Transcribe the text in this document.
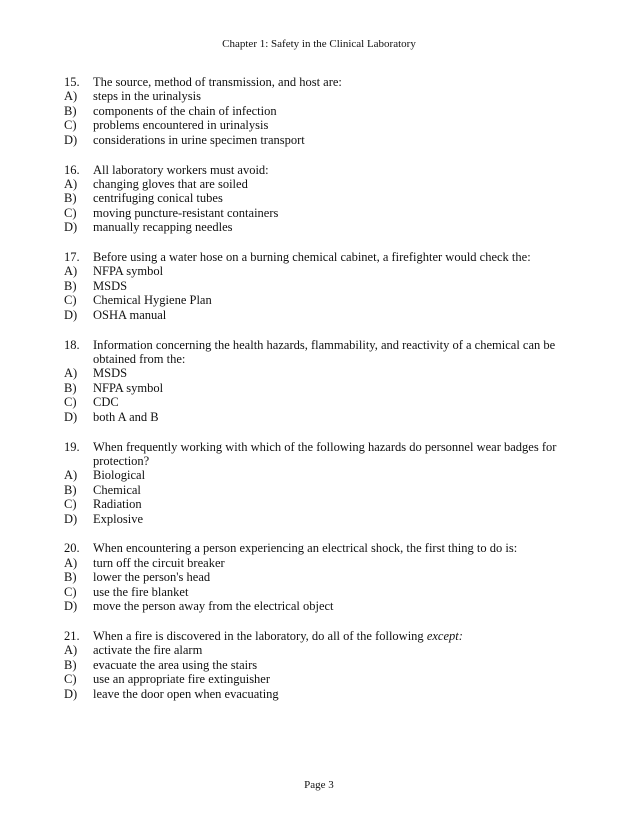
Chapter 1: Safety in the Clinical Laboratory
15. The source, method of transmission, and host are:
A) steps in the urinalysis
B) components of the chain of infection
C) problems encountered in urinalysis
D) considerations in urine specimen transport
16. All laboratory workers must avoid:
A) changing gloves that are soiled
B) centrifuging conical tubes
C) moving puncture-resistant containers
D) manually recapping needles
17. Before using a water hose on a burning chemical cabinet, a firefighter would check the:
A) NFPA symbol
B) MSDS
C) Chemical Hygiene Plan
D) OSHA manual
18. Information concerning the health hazards, flammability, and reactivity of a chemical can be obtained from the:
A) MSDS
B) NFPA symbol
C) CDC
D) both A and B
19. When frequently working with which of the following hazards do personnel wear badges for protection?
A) Biological
B) Chemical
C) Radiation
D) Explosive
20. When encountering a person experiencing an electrical shock, the first thing to do is:
A) turn off the circuit breaker
B) lower the person's head
C) use the fire blanket
D) move the person away from the electrical object
21. When a fire is discovered in the laboratory, do all of the following except:
A) activate the fire alarm
B) evacuate the area using the stairs
C) use an appropriate fire extinguisher
D) leave the door open when evacuating
Page 3
